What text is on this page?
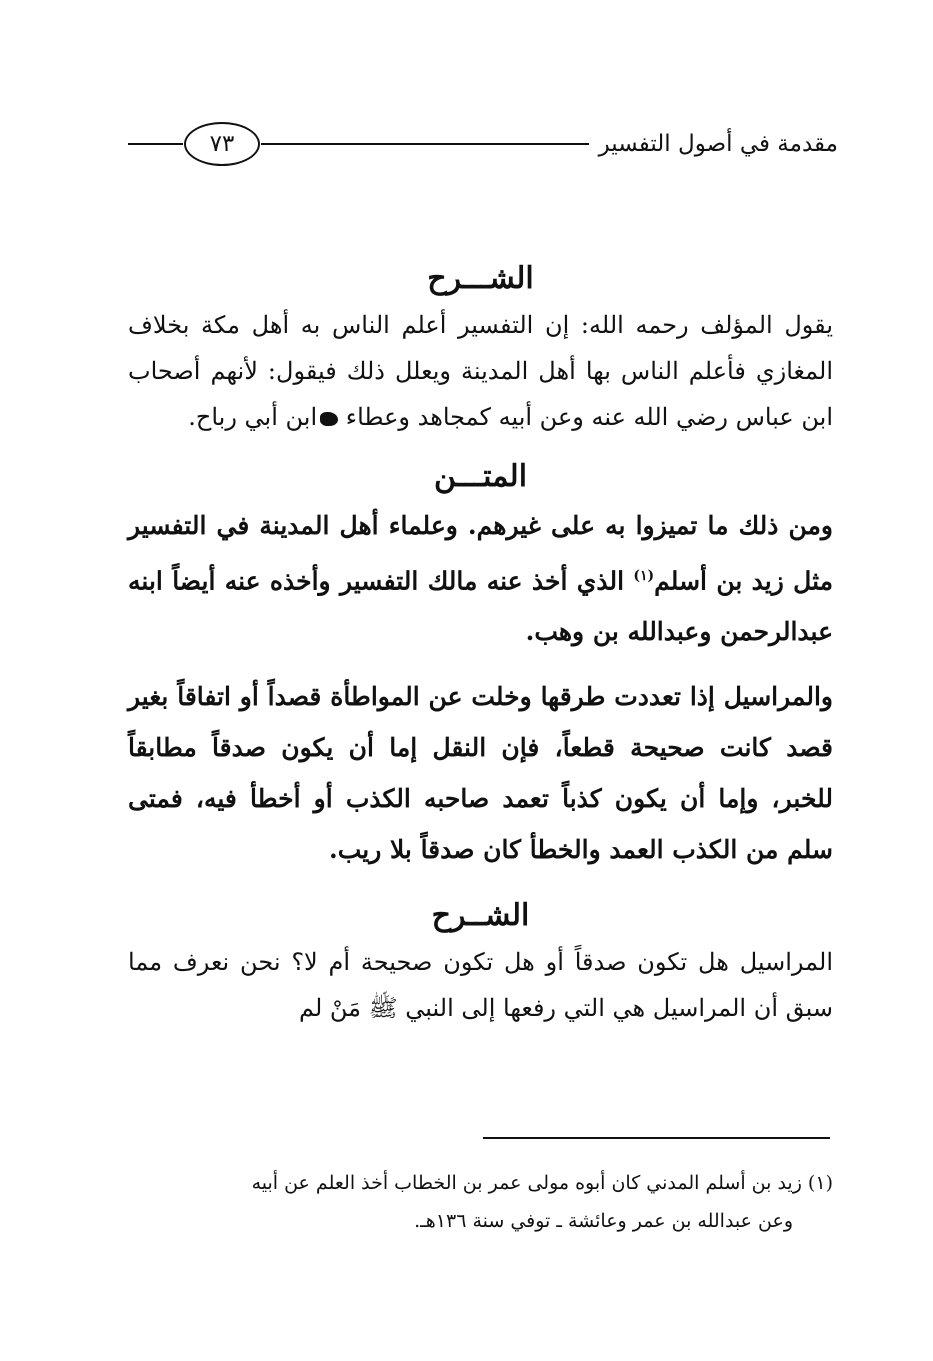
مقدمة في أصول التفسير
٧٣
الشـــرح

يقول المؤلف رحمه الله: إن التفسير أعلم الناس به أهل مكة بخلاف المغازي فأعلم الناس بها أهل المدينة ويعلل ذلك فيقول: لأنهم أصحاب ابن عباس رضي الله عنه وعن أبيه كمجاهد وعطاء ابن أبي رباح.

المتـــن

ومن ذلك ما تميزوا به على غيرهم. وعلماء أهل المدينة في التفسير مثل زيد بن أسلم$^{(١)}$ الذي أخذ عنه مالك التفسير وأخذه عنه أيضاً ابنه عبدالرحمن وعبدالله بن وهب.

والمراسيل إذا تعددت طرقها وخلت عن المواطأة قصداً أو اتفاقاً بغير قصد كانت صحيحة قطعاً، فإن النقل إما أن يكون صدقاً مطابقاً للخبر، وإما أن يكون كذباً تعمد صاحبه الكذب أو أخطأ فيه، فمتى سلم من الكذب العمد والخطأ كان صدقاً بلا ريب.

الشــرح

المراسيل هل تكون صدقاً أو هل تكون صحيحة أم لا؟ نحن نعرف مما سبق أن المراسيل هي التي رفعها إلى النبي ﷺ مَنْ لم

(١) زيد بن أسلم المدني كان أبوه مولى عمر بن الخطاب أخذ العلم عن أبيه

وعن عبدالله بن عمر وعائشة ـ توفي سنة ١٣٦هـ.
